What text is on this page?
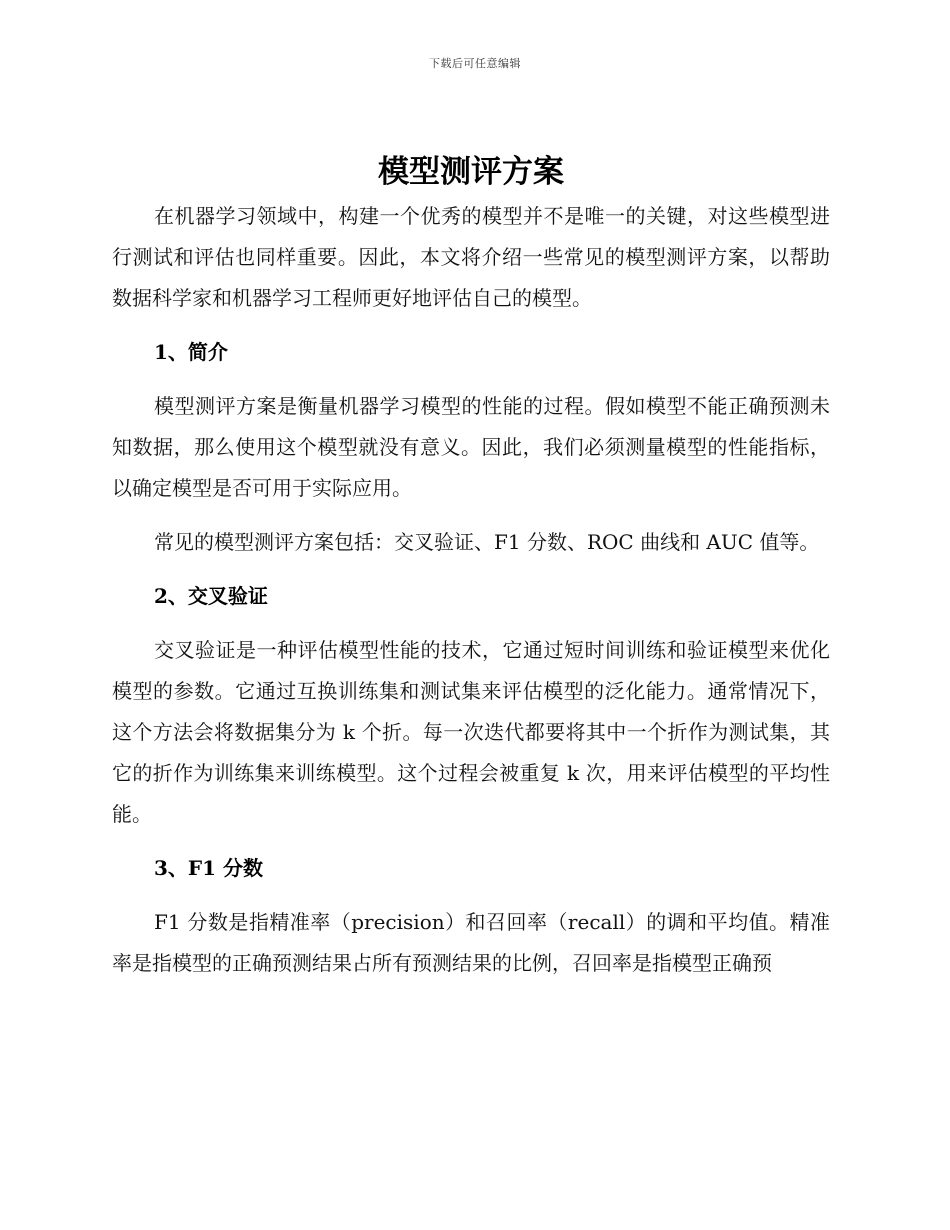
下载后可任意编辑
模型测评方案

在机器学习领域中，构建一个优秀的模型并不是唯一的关键，对这些模型进行测试和评估也同样重要。因此，本文将介绍一些常见的模型测评方案，以帮助数据科学家和机器学习工程师更好地评估自己的模型。

1、简介

模型测评方案是衡量机器学习模型的性能的过程。假如模型不能正确预测未知数据，那么使用这个模型就没有意义。因此，我们必须测量模型的性能指标，以确定模型是否可用于实际应用。

常见的模型测评方案包括：交叉验证、F1 分数、ROC 曲线和 AUC 值等。

2、交叉验证

交叉验证是一种评估模型性能的技术，它通过短时间训练和验证模型来优化模型的参数。它通过互换训练集和测试集来评估模型的泛化能力。通常情况下，这个方法会将数据集分为 k 个折。每一次迭代都要将其中一个折作为测试集，其它的折作为训练集来训练模型。这个过程会被重复 k 次，用来评估模型的平均性能。

3、F1 分数

F1 分数是指精准率（precision）和召回率（recall）的调和平均值。精准率是指模型的正确预测结果占所有预测结果的比例，召回率是指模型正确预
